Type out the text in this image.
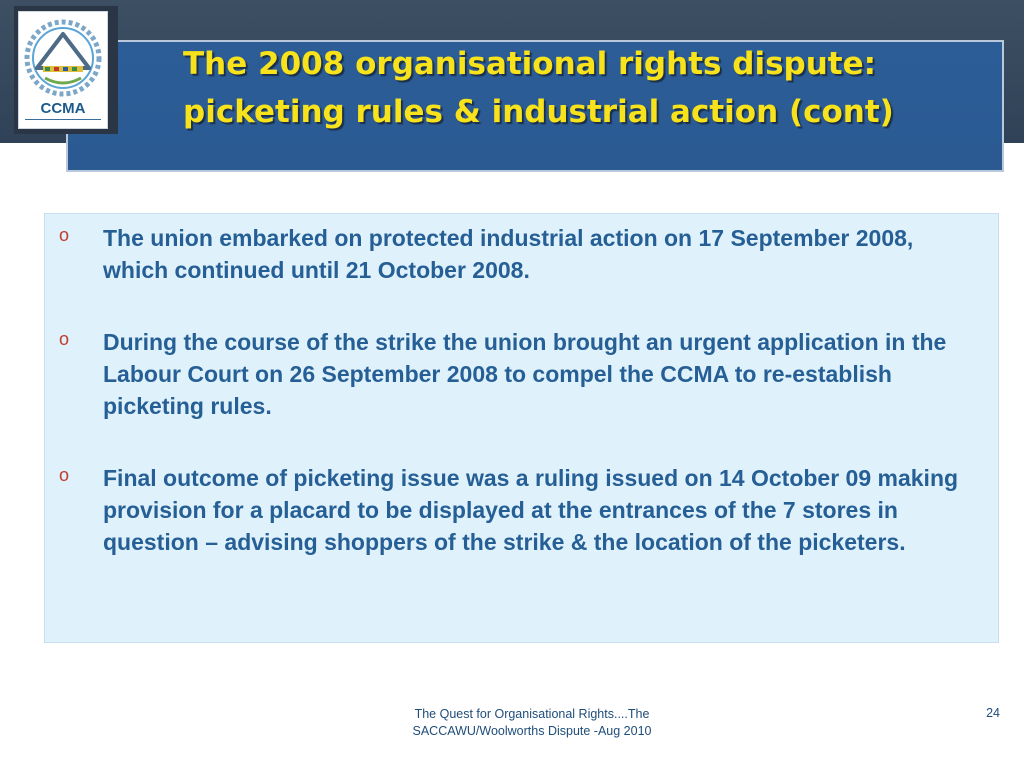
The 2008 organisational rights dispute: picketing rules & industrial action (cont)
CCMA
o The union embarked on protected industrial action on 17 September 2008, which continued until 21 October 2008.
o During the course of the strike the union brought an urgent application in the Labour Court on 26 September 2008 to compel the CCMA to re-establish picketing rules.
o Final outcome of picketing issue was a ruling issued on 14 October 09 making provision for a placard to be displayed at the entrances of the 7 stores in question – advising shoppers of the strike & the location of the picketers.
The Quest for Organisational Rights....The
SACCAWU/Woolworths Dispute -Aug 2010
24
